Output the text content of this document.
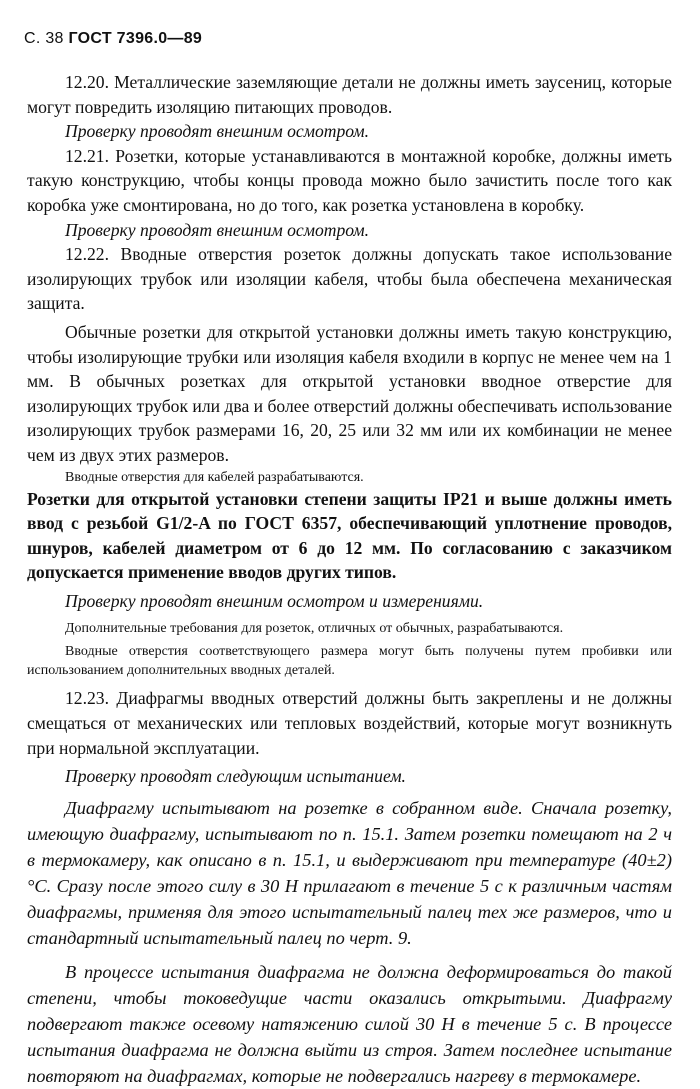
С. 38 ГОСТ 7396.0—89

12.20. Металлические заземляющие детали не должны иметь заусениц, которые могут повредить изоляцию питающих проводов.

Проверку проводят внешним осмотром.

12.21. Розетки, которые устанавливаются в монтажной коробке, должны иметь такую конструкцию, чтобы концы провода можно было зачистить после того как коробка уже смонтирована, но до того, как розетка установлена в коробку.

Проверку проводят внешним осмотром.

12.22. Вводные отверстия розеток должны допускать такое использование изолирующих трубок или изоляции кабеля, чтобы была обеспечена механическая защита.

Обычные розетки для открытой установки должны иметь такую конструкцию, чтобы изолирующие трубки или изоляция кабеля входили в корпус не менее чем на 1 мм. В обычных розетках для открытой установки вводное отверстие для изолирующих трубок или два и более отверстий должны обеспечивать использование изолирующих трубок размерами 16, 20, 25 или 32 мм или их комбинации не менее чем из двух этих размеров.

Вводные отверстия для кабелей разрабатываются.

Розетки для открытой установки степени защиты IP21 и выше должны иметь ввод с резьбой G1/2-A по ГОСТ 6357, обеспечивающий уплотнение проводов, шнуров, кабелей диаметром от 6 до 12 мм. По согласованию с заказчиком допускается применение вводов других типов.

Проверку проводят внешним осмотром и измерениями.

Дополнительные требования для розеток, отличных от обычных, разрабатываются.

Вводные отверстия соответствующего размера могут быть получены путем пробивки или использованием дополнительных вводных деталей.

12.23. Диафрагмы вводных отверстий должны быть закреплены и не должны смещаться от механических или тепловых воздействий, которые могут возникнуть при нормальной эксплуатации.

Проверку проводят следующим испытанием.

Диафрагму испытывают на розетке в собранном виде. Сначала розетку, имеющую диафрагму, испытывают по п. 15.1. Затем розетки помещают на 2 ч в термокамеру, как описано в п. 15.1, и выдерживают при температуре (40±2) °С. Сразу после этого силу в 30 Н прилагают в течение 5 с к различным частям диафрагмы, применяя для этого испытательный палец тех же размеров, что и стандартный испытательный палец по черт. 9.

В процессе испытания диафрагма не должна деформироваться до такой степени, чтобы токоведущие части оказались открытыми. Диафрагму подвергают также осевому натяжению силой 30 Н в течение 5 с. В процессе испытания диафрагма не должна выйти из строя. Затем последнее испытание повторяют на диафрагмах, которые не подвергались нагреву в термокамере.
